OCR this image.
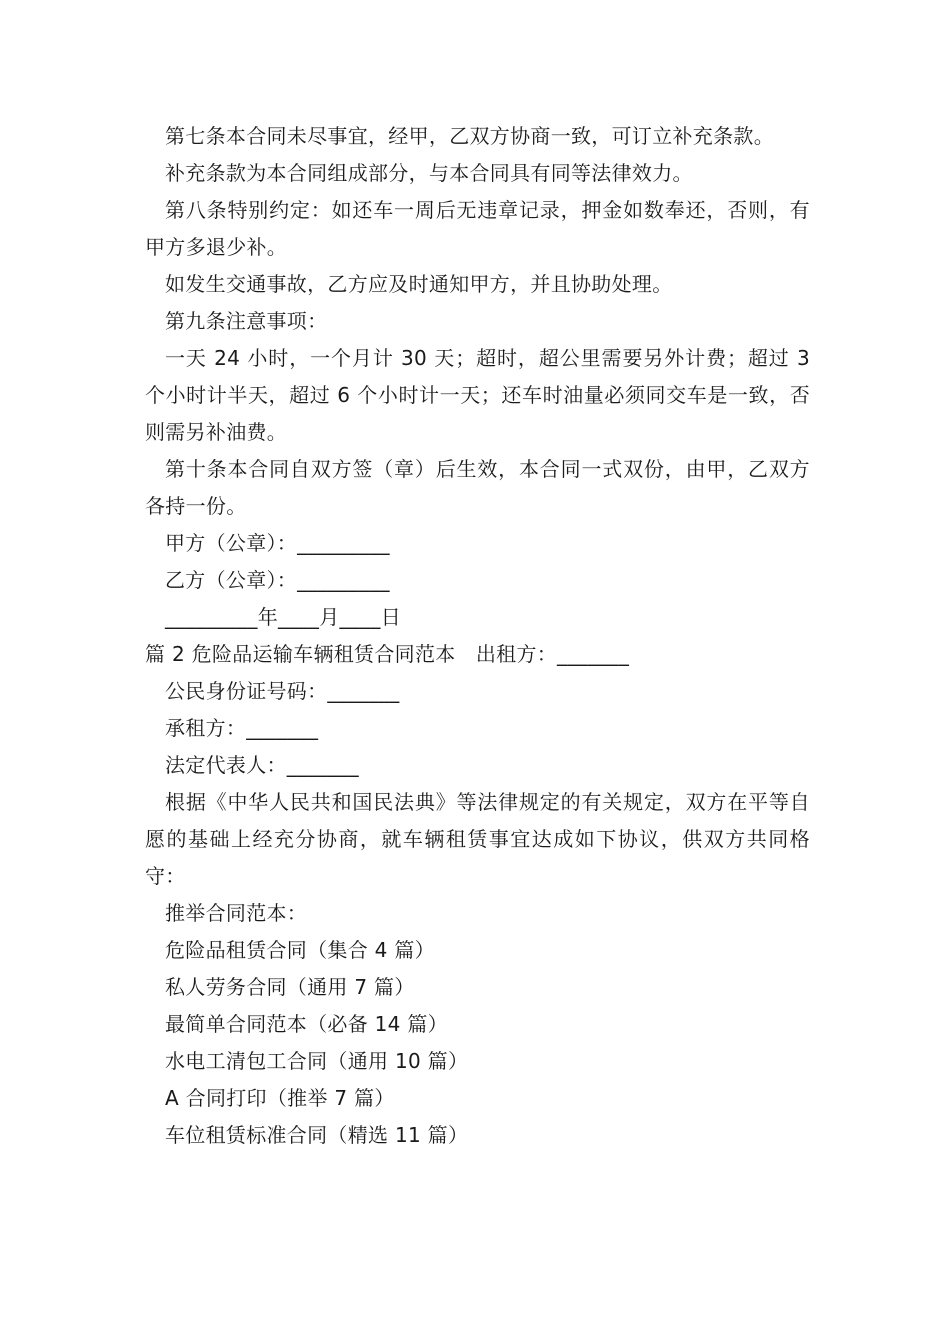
第七条本合同未尽事宜，经甲，乙双方协商一致，可订立补充条款。

补充条款为本合同组成部分，与本合同具有同等法律效力。

第八条特别约定：如还车一周后无违章记录，押金如数奉还，否则，有甲方多退少补。

如发生交通事故，乙方应及时通知甲方，并且协助处理。

第九条注意事项：

一天 24 小时，一个月计 30 天；超时，超公里需要另外计费；超过 3 个小时计半天，超过 6 个小时计一天；还车时油量必须同交车是一致，否则需另补油费。

第十条本合同自双方签（章）后生效，本合同一式双份，由甲，乙双方各持一份。

甲方（公章）：_________

乙方（公章）：_________

_________年____月____日

篇 2 危险品运输车辆租赁合同范本　出租方：_______

公民身份证号码：_______

承租方：_______

法定代表人：_______

根据《中华人民共和国民法典》等法律规定的有关规定，双方在平等自愿的基础上经充分协商，就车辆租赁事宜达成如下协议，供双方共同格守：

推举合同范本：

危险品租赁合同（集合 4 篇）

私人劳务合同（通用 7 篇）

最简单合同范本（必备 14 篇）

水电工清包工合同（通用 10 篇）

A 合同打印（推举 7 篇）

车位租赁标准合同（精选 11 篇）
